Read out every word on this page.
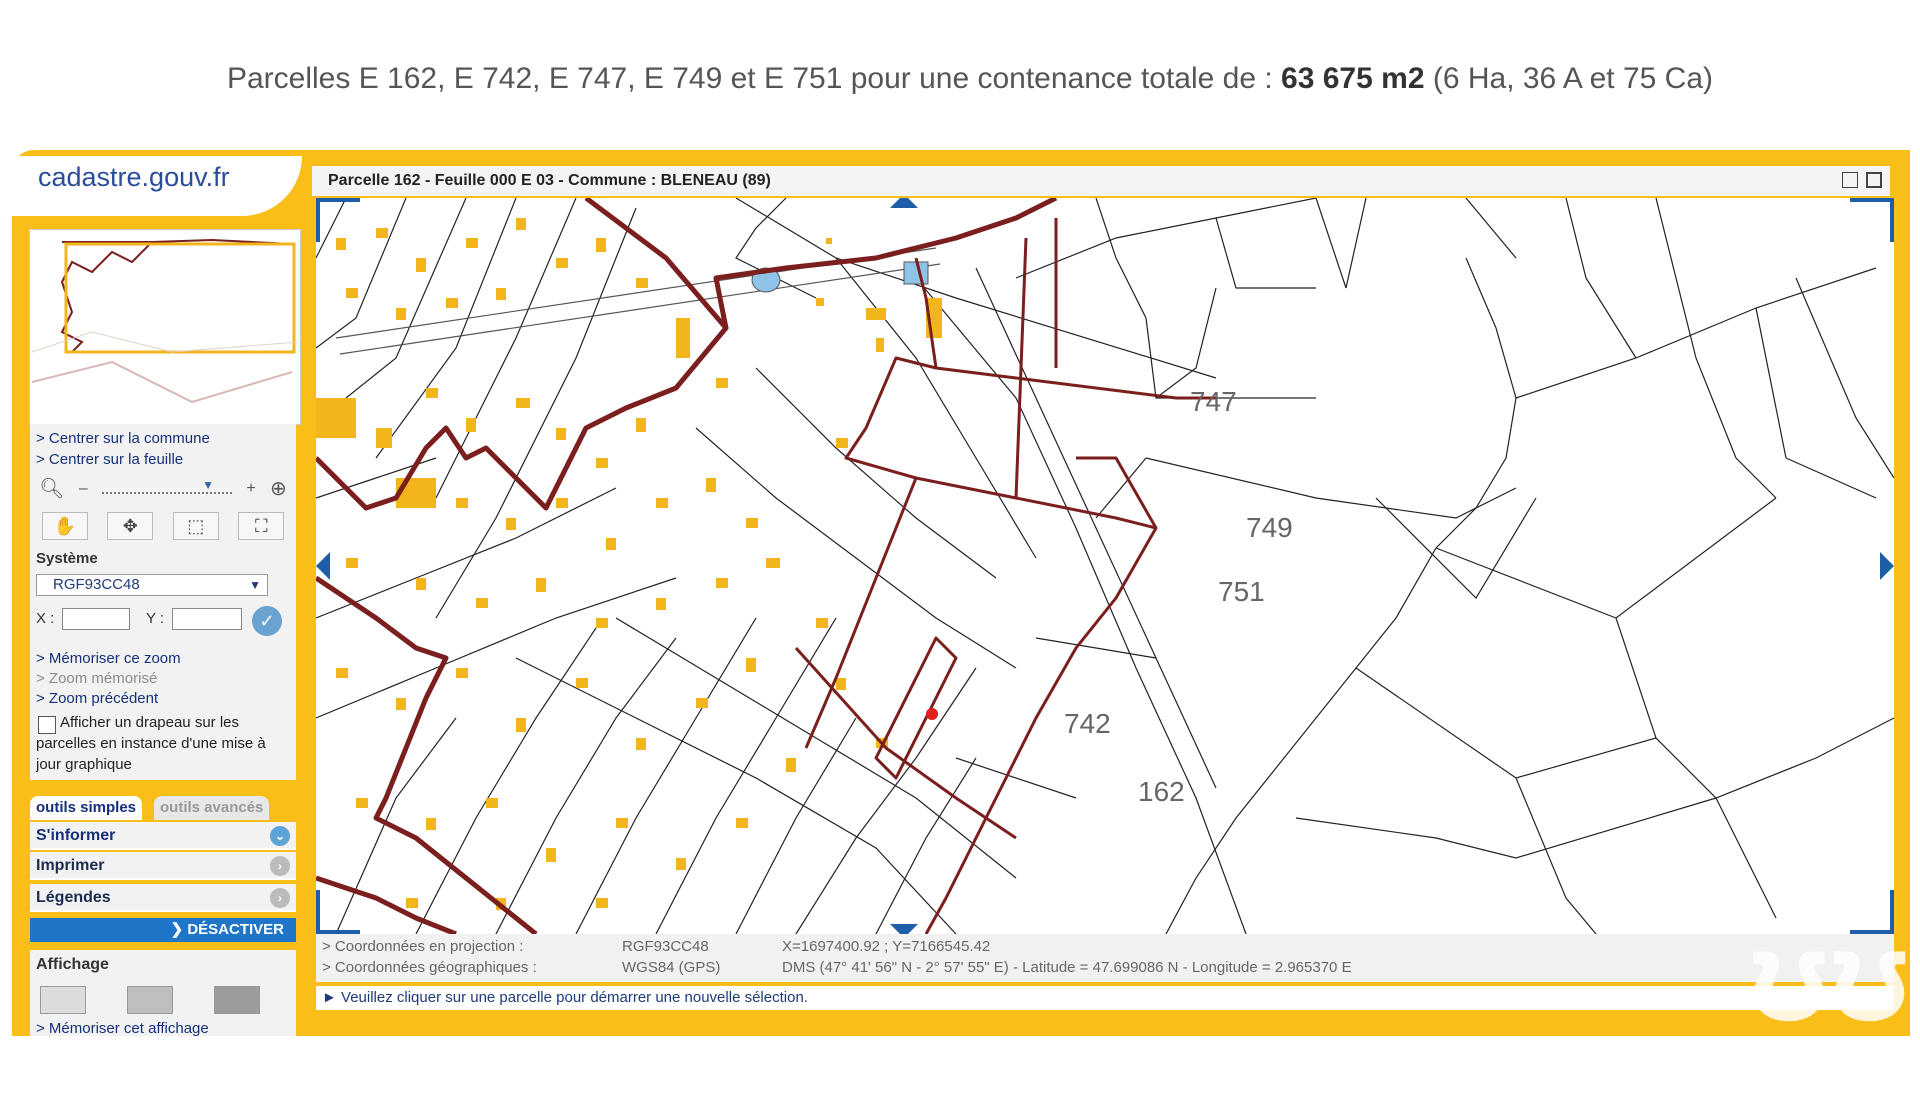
Parcelles E 162, E 742, E 747, E 749 et E 751 pour une contenance totale de : 63 675 m2 (6 Ha, 36 A et 75 Ca)
cadastre.gouv.fr
> Centrer sur la commune
> Centrer sur la feuille
🔍︎ –	▼ + ⊕
✋	✥	⬚	⛶
Système
RGF93CC48	▼
X :	Y :	✓
> Mémoriser ce zoom
> Zoom mémorisé
> Zoom précédent
Afficher un drapeau sur les parcelles en instance d'une mise à jour graphique
outils simples	outils avancés
S'informer	⌄
Imprimer	›
Légendes	›
❯ DÉSACTIVER
Affichage
> Mémoriser cet affichage
Parcelle 162 - Feuille 000 E 03 - Commune : BLENEAU (89)
747
749
751
742
162
> Coordonnées en projection :	RGF93CC48	X=1697400.92 ; Y=7166545.42
> Coordonnées géographiques :	WGS84 (GPS)	DMS (47° 41' 56" N - 2° 57' 55" E) - Latitude = 47.699086 N - Longitude = 2.965370 E
► Veuillez cliquer sur une parcelle pour démarrer une nouvelle sélection.	ʊʊ
